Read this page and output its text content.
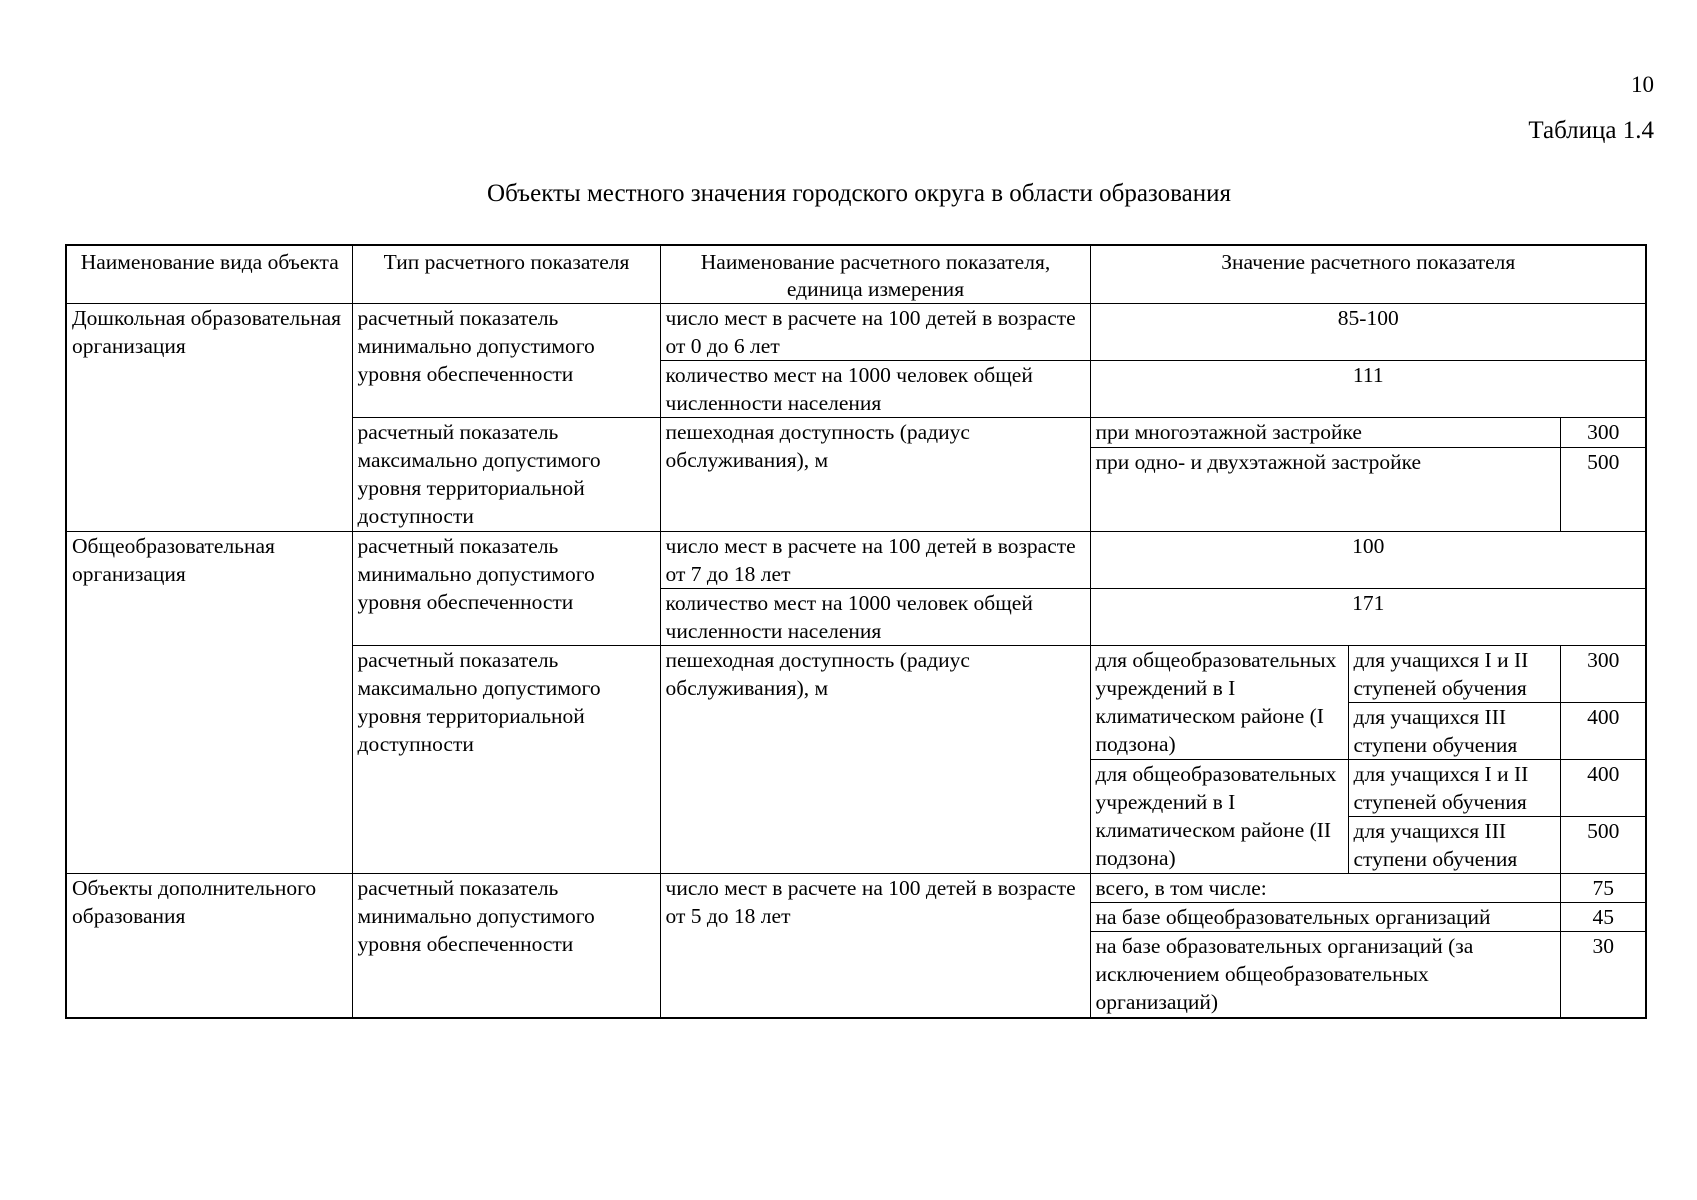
10
Таблица 1.4
Объекты местного значения городского округа в области образования
Наименование вида объекта	Тип расчетного показателя	Наименование расчетного показателя, единица измерения	Значение расчетного показателя		
Дошкольная образовательная организация	расчетный показатель минимально допустимого уровня обеспеченности	число мест в расчете на 100 детей в возрасте от 0 до 6 лет	85-100		
		количество мест на 1000 человек общей численности населения	111		
	расчетный показатель максимально допустимого уровня территориальной доступности	пешеходная доступность (радиус обслуживания), м	при многоэтажной застройке		300
			при одно- и двухэтажной застройке		500
Общеобразовательная организация	расчетный показатель минимально допустимого уровня обеспеченности	число мест в расчете на 100 детей в возрасте от 7 до 18 лет	100		
		количество мест на 1000 человек общей численности населения	171		
	расчетный показатель максимально допустимого уровня территориальной доступности	пешеходная доступность (радиус обслуживания), м	для общеобразовательных учреждений в I климатическом районе (I подзона)	для учащихся I и II ступеней обучения	300
				для учащихся III ступени обучения	400
			для общеобразовательных учреждений в I климатическом районе (II подзона)	для учащихся I и II ступеней обучения	400
				для учащихся III ступени обучения	500
Объекты дополнительного образования	расчетный показатель минимально допустимого уровня обеспеченности	число мест в расчете на 100 детей в возрасте от 5 до 18 лет	всего, в том числе:		75
			на базе общеобразовательных организаций		45
			на базе образовательных организаций (за исключением общеобразовательных организаций)		30
